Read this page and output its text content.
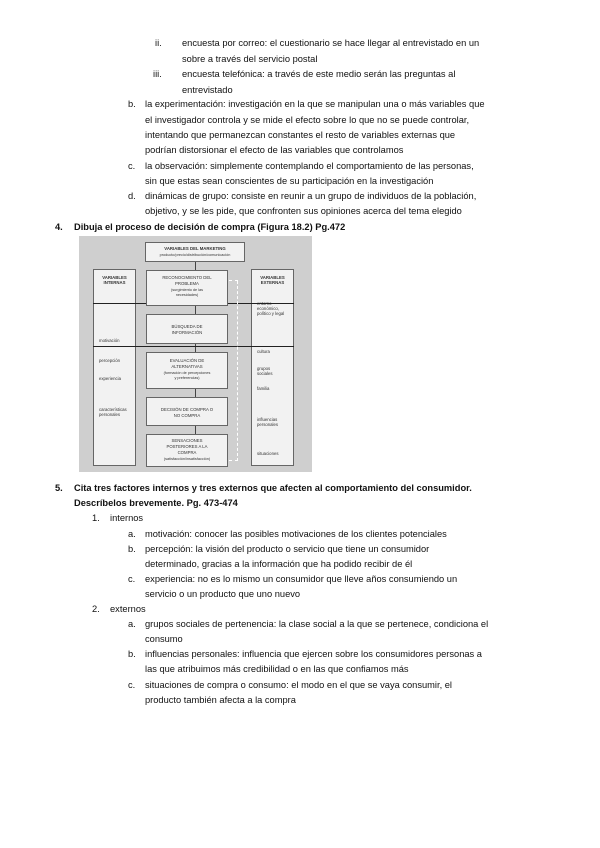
ii. encuesta por correo: el cuestionario se hace llegar al entrevistado en un
sobre a través del servicio postal
iii. encuesta telefónica: a través de este medio serán las preguntas al
entrevistado
b. la experimentación: investigación en la que se manipulan una o más variables que
el investigador controla y se mide el efecto sobre lo que no se puede controlar,
intentando que permanezcan constantes el resto de variables externas que
podrían distorsionar el efecto de las variables que controlamos
c. la observación: simplemente contemplando el comportamiento de las personas,
sin que estas sean conscientes de su participación en la investigación
d. dinámicas de grupo: consiste en reunir a un grupo de individuos de la población,
objetivo, y se les pide, que confronten sus opiniones acerca del tema elegido
4. Dibuja el proceso de decisión de compra (Figura 18.2) Pg.472
VARIABLES DEL MARKETING
producto/precio/distribución/comunicación
VARIABLES
INTERNAS
motivación
percepción
experiencia
características
personales
VARIABLES
EXTERNAS
económico,
político y legal
cultura
grupos
sociales
familia
influencias
personales
situaciones
RECONOCIMIENTO DEL
PROBLEMA
(surgimiento de las
necesidades)
BÚSQUEDA DE
INFORMACIÓN
EVALUACIÓN DE
ALTERNATIVAS
(formación de percepciones
y preferencias)
DECISIÓN DE COMPRA O
NO COMPRA
SENSACIONES
POSTERIORES A LA
COMPRA
(satisfacción/insatisfacción)
5. Cita tres factores internos y tres externos que afecten al comportamiento del consumidor.
Descríbelos brevemente. Pg. 473-474
1. internos
a. motivación: conocer las posibles motivaciones de los clientes potenciales
b. percepción: la visión del producto o servicio que tiene un consumidor
determinado, gracias a la información que ha podido recibir de él
c. experiencia: no es lo mismo un consumidor que lleve años consumiendo un
servicio o un producto que uno nuevo
2. externos
a. grupos sociales de pertenencia: la clase social a la que se pertenece, condiciona el
consumo
b. influencias personales: influencia que ejercen sobre los consumidores personas a
las que atribuimos más credibilidad o en las que confiamos más
c. situaciones de compra o consumo: el modo en el que se vaya consumir, el
producto también afecta a la compra
